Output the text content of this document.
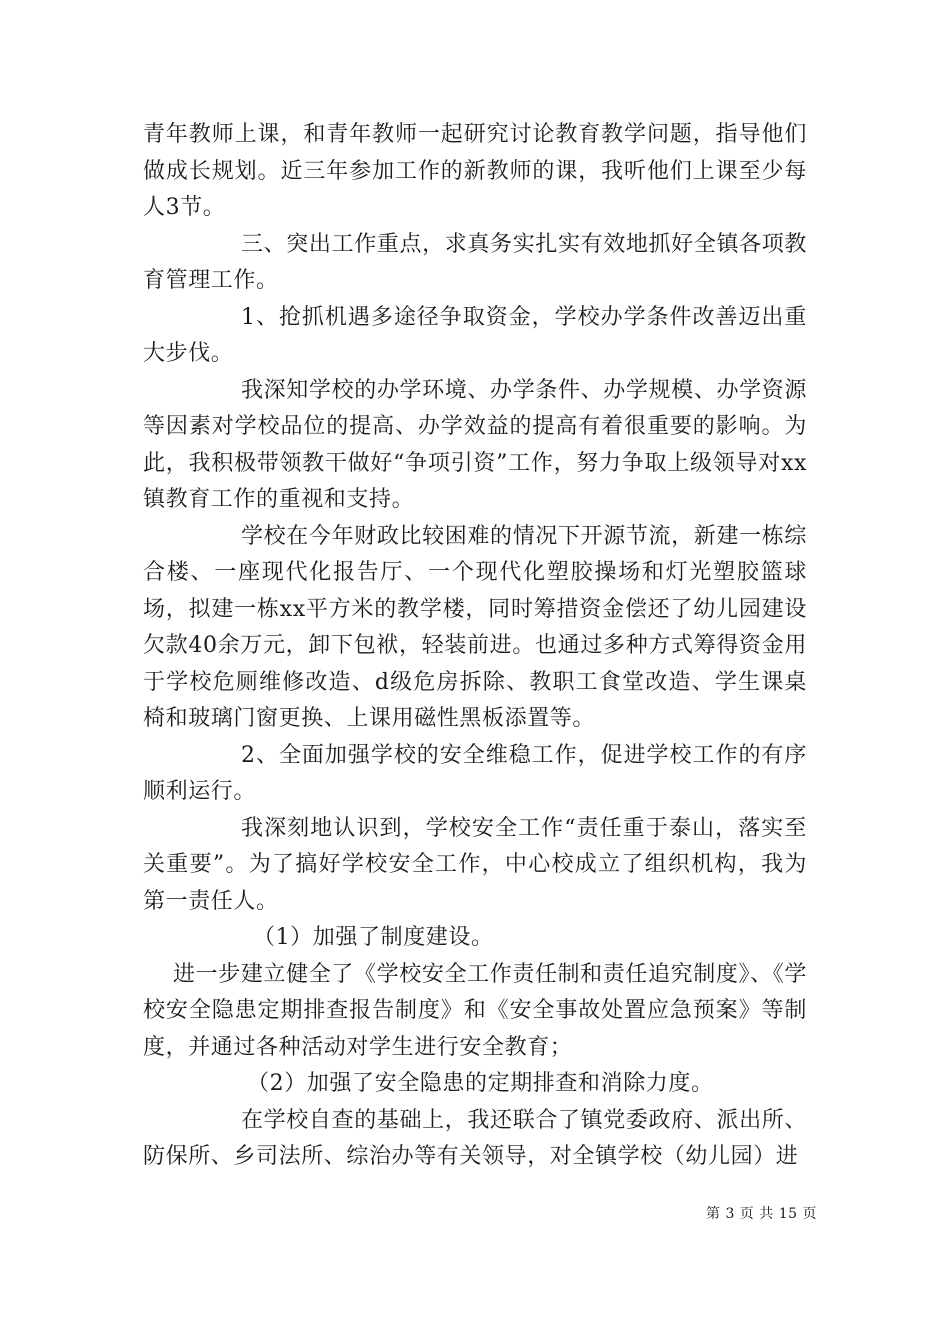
青年教师上课，和青年教师一起研究讨论教育教学问题，指导他们做成长规划。近三年参加工作的新教师的课，我听他们上课至少每人3节。

三、突出工作重点，求真务实扎实有效地抓好全镇各项教育管理工作。

1、抢抓机遇多途径争取资金，学校办学条件改善迈出重大步伐。

我深知学校的办学环境、办学条件、办学规模、办学资源等因素对学校品位的提高、办学效益的提高有着很重要的影响。为此，我积极带领教干做好“争项引资”工作，努力争取上级领导对xx镇教育工作的重视和支持。

学校在今年财政比较困难的情况下开源节流，新建一栋综合楼、一座现代化报告厅、一个现代化塑胶操场和灯光塑胶篮球场，拟建一栋xx平方米的教学楼，同时筹措资金偿还了幼儿园建设欠款40余万元，卸下包袱，轻装前进。也通过多种方式筹得资金用于学校危厕维修改造、d级危房拆除、教职工食堂改造、学生课桌椅和玻璃门窗更换、上课用磁性黑板添置等。

2、全面加强学校的安全维稳工作，促进学校工作的有序顺利运行。

我深刻地认识到，学校安全工作“责任重于泰山，落实至关重要”。为了搞好学校安全工作，中心校成立了组织机构，我为第一责任人。

（1）加强了制度建设。

进一步建立健全了《学校安全工作责任制和责任追究制度》、《学校安全隐患定期排查报告制度》和《安全事故处置应急预案》等制度，并通过各种活动对学生进行安全教育；

（2）加强了安全隐患的定期排查和消除力度。

在学校自查的基础上，我还联合了镇党委政府、派出所、防保所、乡司法所、综治办等有关领导，对全镇学校（幼儿园）进

第 3 页 共 15 页
